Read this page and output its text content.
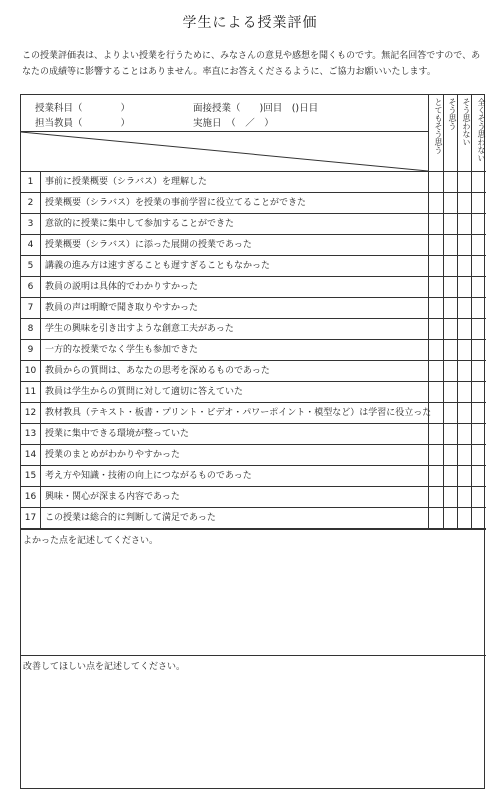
学生による授業評価
この授業評価表は、よりよい授業を行うために、みなさんの意見や感想を聞くものです。無記名回答ですので、あなたの成績等に影響することはありません。率直にお答えくださるように、ご協力お願いいたします。
授業科目（　　　　）
担当教員（　　　　）
面接授業（　　)回目　()日目
実施日　（　／　）	とてもそう思う そう思う そう思わない 全くそう思わない
1	事前に授業概要（シラバス）を理解した
2	授業概要（シラバス）を授業の事前学習に役立てることができた
3	意欲的に授業に集中して参加することができた
4	授業概要（シラバス）に添った展開の授業であった
5	講義の進み方は速すぎることも遅すぎることもなかった
6	教員の説明は具体的でわかりすかった
7	教員の声は明瞭で聞き取りやすかった
8	学生の興味を引き出すような創意工夫があった
9	一方的な授業でなく学生も参加できた
10 教員からの質問は、あなたの思考を深めるものであった
11 教員は学生からの質問に対して適切に答えていた
12 教材教具（テキスト・板書・プリント・ビデオ・パワーポイント・模型など）は学習に役立った
13 授業に集中できる環境が整っていた
14 授業のまとめがわかりやすかった
15 考え方や知識・技術の向上につながるものであった
16 興味・関心が深まる内容であった
17 この授業は総合的に判断して満足であった
よかった点を記述してください。
改善してほしい点を記述してください。
